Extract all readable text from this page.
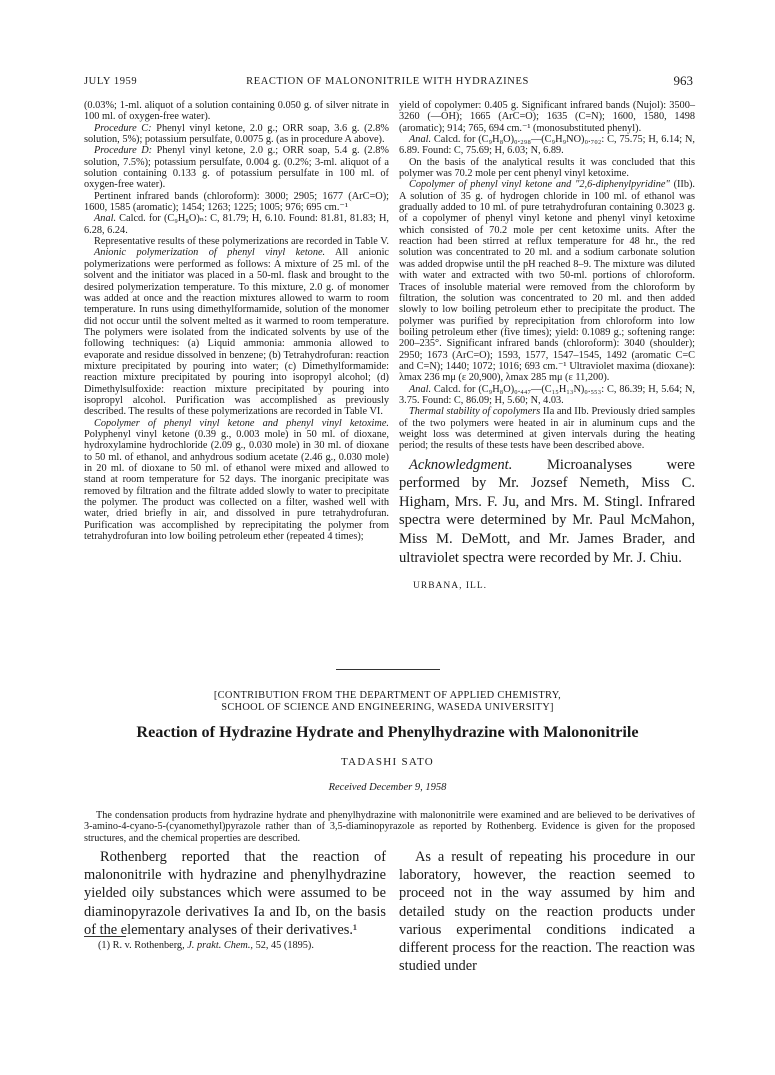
JULY 1959	REACTION OF MALONONITRILE WITH HYDRAZINES	963

(0.03%; 1-ml. aliquot of a solution containing 0.050 g. of silver nitrate in 100 ml. of oxygen-free water).

Procedure C: Phenyl vinyl ketone, 2.0 g.; ORR soap, 3.6 g. (2.8% solution, 5%); potassium persulfate, 0.0075 g. (as in procedure A above).

Procedure D: Phenyl vinyl ketone, 2.0 g.; ORR soap, 5.4 g. (2.8% solution, 7.5%); potassium persulfate, 0.004 g. (0.2%; 3-ml. aliquot of a solution containing 0.133 g. of potassium persulfate in 100 ml. of oxygen-free water).

Pertinent infrared bands (chloroform): 3000; 2905; 1677 (ArC=O); 1600, 1585 (aromatic); 1454; 1263; 1225; 1005; 976; 695 cm.⁻¹

Anal. Calcd. for (C₉H₈O)ₙ: C, 81.79; H, 6.10. Found: 81.81, 81.83; H, 6.28, 6.24.

Representative results of these polymerizations are recorded in Table V.

Anionic polymerization of phenyl vinyl ketone. All anionic polymerizations were performed as follows: A mixture of 25 ml. of the solvent and the initiator was placed in a 50-ml. flask and brought to the desired polymerization temperature. To this mixture, 2.0 g. of monomer was added at once and the reaction mixtures allowed to warm to room temperature. In runs using dimethylformamide, solution of the monomer did not occur until the solvent melted as it warmed to room temperature. The polymers were isolated from the indicated solvents by use of the following techniques: (a) Liquid ammonia: ammonia allowed to evaporate and residue dissolved in benzene; (b) Tetrahydrofuran: reaction mixture precipitated by pouring into water; (c) Dimethylformamide: reaction mixture precipitated by pouring into isopropyl alcohol; (d) Dimethylsulfoxide: reaction mixture precipitated by pouring into isopropyl alcohol. Purification was accomplished as previously described. The results of these polymerizations are recorded in Table VI.

Copolymer of phenyl vinyl ketone and phenyl vinyl ketoxime. Polyphenyl vinyl ketone (0.39 g., 0.003 mole) in 50 ml. of dioxane, hydroxylamine hydrochloride (2.09 g., 0.030 mole) in 30 ml. of dioxane to 50 ml. of ethanol, and anhydrous sodium acetate (2.46 g., 0.030 mole) in 20 ml. of dioxane to 50 ml. of ethanol were mixed and allowed to stand at room temperature for 52 days. The inorganic precipitate was removed by filtration and the filtrate added slowly to water to precipitate the polymer. The product was collected on a filter, washed well with water, dried briefly in air, and dissolved in pure tetrahydrofuran. Purification was accomplished by reprecipitating the polymer from tetrahydrofuran into low boiling petroleum ether (repeated 4 times);

yield of copolymer: 0.405 g. Significant infrared bands (Nujol): 3500–3260 (—OH); 1665 (ArC=O); 1635 (C=N); 1600, 1580, 1498 (aromatic); 914; 765, 694 cm.⁻¹ (monosubstituted phenyl).

Anal. Calcd. for (C₉H₈O)₀.₂₉₈—(C₉H₉NO)₀.₇₀₂: C, 75.75; H, 6.14; N, 6.89. Found: C, 75.69; H, 6.03; N, 6.89.

On the basis of the analytical results it was concluded that this polymer was 70.2 mole per cent phenyl vinyl ketoxime.

Copolymer of phenyl vinyl ketone and "2,6-diphenylpyridine" (IIb). A solution of 35 g. of hydrogen chloride in 100 ml. of ethanol was gradually added to 10 ml. of pure tetrahydrofuran containing 0.3023 g. of a copolymer of phenyl vinyl ketone and phenyl vinyl ketoxime which consisted of 70.2 mole per cent ketoxime units. After the reaction had been stirred at reflux temperature for 48 hr., the red solution was concentrated to 20 ml. and a sodium carbonate solution was added dropwise until the pH reached 8–9. The mixture was diluted with water and extracted with two 50-ml. portions of chloroform. Traces of insoluble material were removed from the chloroform by filtration, the solution was concentrated to 20 ml. and then added slowly to low boiling petroleum ether to precipitate the product. The polymer was purified by reprecipitation from chloroform into low boiling petroleum ether (five times); yield: 0.1089 g.; softening range: 200–235°. Significant infrared bands (chloroform): 3040 (shoulder); 2950; 1673 (ArC=O); 1593, 1577, 1547–1545, 1492 (aromatic C=C and C=N); 1440; 1072; 1016; 693 cm.⁻¹ Ultraviolet maxima (dioxane): λmax 236 mμ (ε 20,900), λmax 285 mμ (ε 11,200).

Anal. Calcd. for (C₉H₈O)₀.₄₄₇—(C₁₅H₁₃N)₀.₅₅₃: C, 86.39; H, 5.64; N, 3.75. Found: C, 86.09; H, 5.60; N, 4.03.

Thermal stability of copolymers IIa and IIb. Previously dried samples of the two polymers were heated in air in aluminum cups and the weight loss was determined at given intervals during the heating period; the results of these tests have been described above.

Acknowledgment. Microanalyses were performed by Mr. Jozsef Nemeth, Miss C. Higham, Mrs. F. Ju, and Mrs. M. Stingl. Infrared spectra were determined by Mr. Paul McMahon, Miss M. DeMott, and Mr. James Brader, and ultraviolet spectra were recorded by Mr. J. Chiu.

URBANA, ILL.

[CONTRIBUTION FROM THE DEPARTMENT OF APPLIED CHEMISTRY,
SCHOOL OF SCIENCE AND ENGINEERING, WASEDA UNIVERSITY]
Reaction of Hydrazine Hydrate and Phenylhydrazine with Malononitrile
TADASHI SATO
Received December 9, 1958
The condensation products from hydrazine hydrate and phenylhydrazine with malononitrile were examined and are believed to be derivatives of 3-amino-4-cyano-5-(cyanomethyl)pyrazole rather than of 3,5-diaminopyrazole as reported by Rothenberg. Evidence is given for the proposed structures, and the chemical properties are described.

Rothenberg reported that the reaction of malononitrile with hydrazine and phenylhydrazine yielded oily substances which were assumed to be diaminopyrazole derivatives Ia and Ib, on the basis of the elementary analyses of their derivatives.¹

As a result of repeating his procedure in our laboratory, however, the reaction seemed to proceed not in the way assumed by him and detailed study on the reaction products under various experimental conditions indicated a different process for the reaction. The reaction was studied under

(1) R. v. Rothenberg, J. prakt. Chem., 52, 45 (1895).
